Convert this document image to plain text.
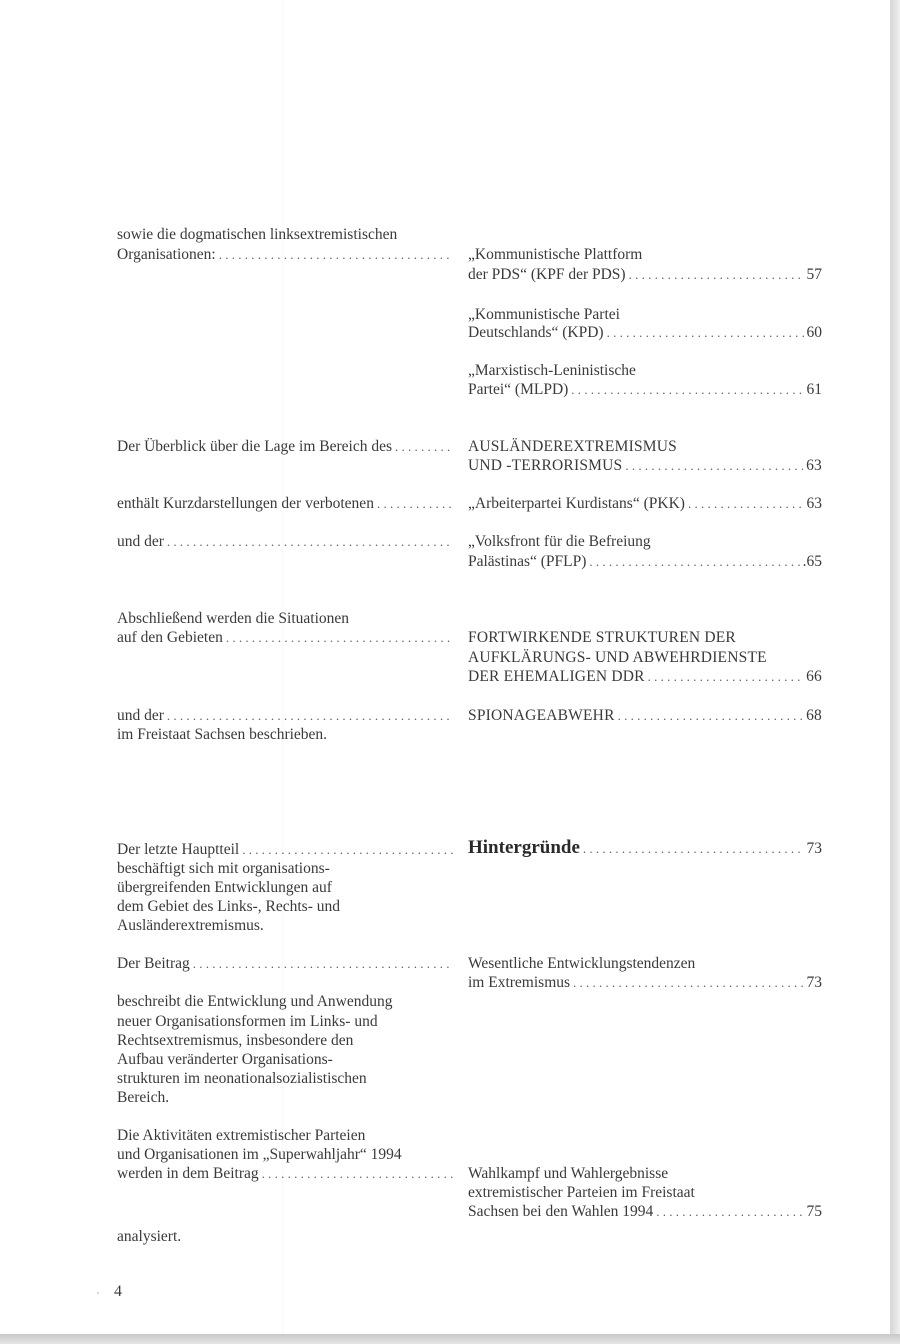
sowie die dogmatischen linksextremistischen
Organisationen: . . .	„Kommunistische Plattform
der PDS“ (KPF der PDS) . . .	57
„Kommunistische Partei
Deutschlands“ (KPD) . . .	60
„Marxistisch-Leninistische
Partei“ (MLPD) . . .	61
Der Überblick über die Lage im Bereich des . . .	AUSLÄNDEREXTREMISMUS
UND -TERRORISMUS . . .	63
enthält Kurzdarstellungen der verbotenen . . .	„Arbeiterpartei Kurdistans“ (PKK) . . .	63
und der . . .	„Volksfront für die Befreiung
Palästinas“ (PFLP) . . .	.65
Abschließend werden die Situationen
auf den Gebieten . . .	FORTWIRKENDE STRUKTUREN DER
AUFKLÄRUNGS- UND ABWEHRDIENSTE
DER EHEMALIGEN DDR . . .	66
und der . . .	SPIONAGEABWEHR . . .	68
im Freistaat Sachsen beschrieben.
Der letzte Hauptteil . . .	Hintergründe . . .	73
beschäftigt sich mit organisations-
übergreifenden Entwicklungen auf
dem Gebiet des Links-, Rechts- und
Ausländerextremismus.
Der Beitrag . . .	Wesentliche Entwicklungstendenzen
im Extremismus . . .	73
beschreibt die Entwicklung und Anwendung
neuer Organisationsformen im Links- und
Rechtsextremismus, insbesondere den
Aufbau veränderter Organisations-
strukturen im neonationalsozialistischen
Bereich.
Die Aktivitäten extremistischer Parteien
und Organisationen im „Superwahljahr“ 1994
werden in dem Beitrag . . .	Wahlkampf und Wahlergebnisse
extremistischer Parteien im Freistaat
Sachsen bei den Wahlen 1994 . . .	75
analysiert.
4
